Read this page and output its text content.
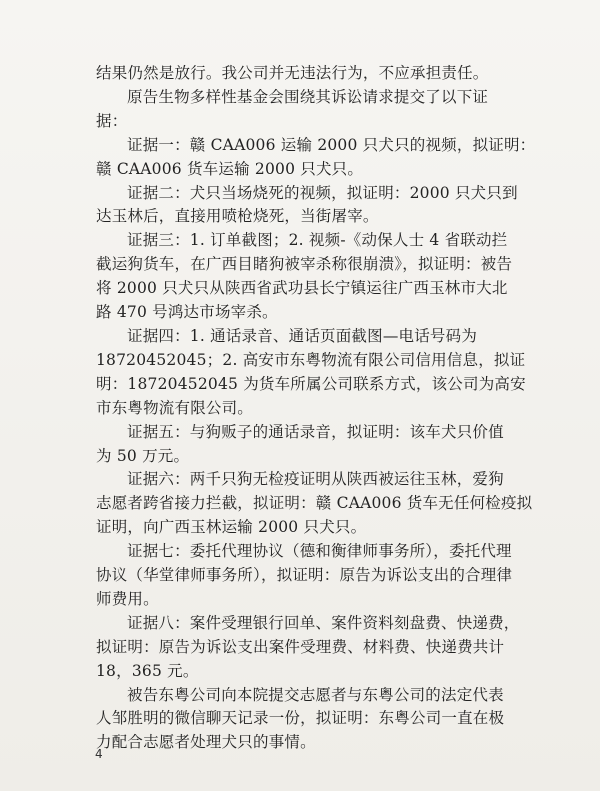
结果仍然是放行。我公司并无违法行为，不应承担责任。

原告生物多样性基金会围绕其诉讼请求提交了以下证
据：

证据一：赣 CAA006 运输 2000 只犬只的视频，拟证明：
赣 CAA006 货车运输 2000 只犬只。

证据二：犬只当场烧死的视频，拟证明：2000 只犬只到
达玉林后，直接用喷枪烧死，当街屠宰。

证据三：1. 订单截图；2. 视频-《动保人士 4 省联动拦
截运狗货车，在广西目睹狗被宰杀称很崩溃》，拟证明：被告
将 2000 只犬只从陕西省武功县长宁镇运往广西玉林市大北
路 470 号鸿达市场宰杀。

证据四：1. 通话录音、通话页面截图—电话号码为
18720452045；2. 高安市东粤物流有限公司信用信息，拟证
明：18720452045 为货车所属公司联系方式，该公司为高安
市东粤物流有限公司。

证据五：与狗贩子的通话录音，拟证明：该车犬只价值
为 50 万元。

证据六：两千只狗无检疫证明从陕西被运往玉林，爱狗
志愿者跨省接力拦截，拟证明：赣 CAA006 货车无任何检疫拟
证明，向广西玉林运输 2000 只犬只。

证据七：委托代理协议（德和衡律师事务所），委托代理
协议（华堂律师事务所），拟证明：原告为诉讼支出的合理律
师费用。

证据八：案件受理银行回单、案件资料刻盘费、快递费，
拟证明：原告为诉讼支出案件受理费、材料费、快递费共计
18，365 元。

被告东粤公司向本院提交志愿者与东粤公司的法定代表
人邹胜明的微信聊天记录一份，拟证明：东粤公司一直在极
力配合志愿者处理犬只的事情。

4
